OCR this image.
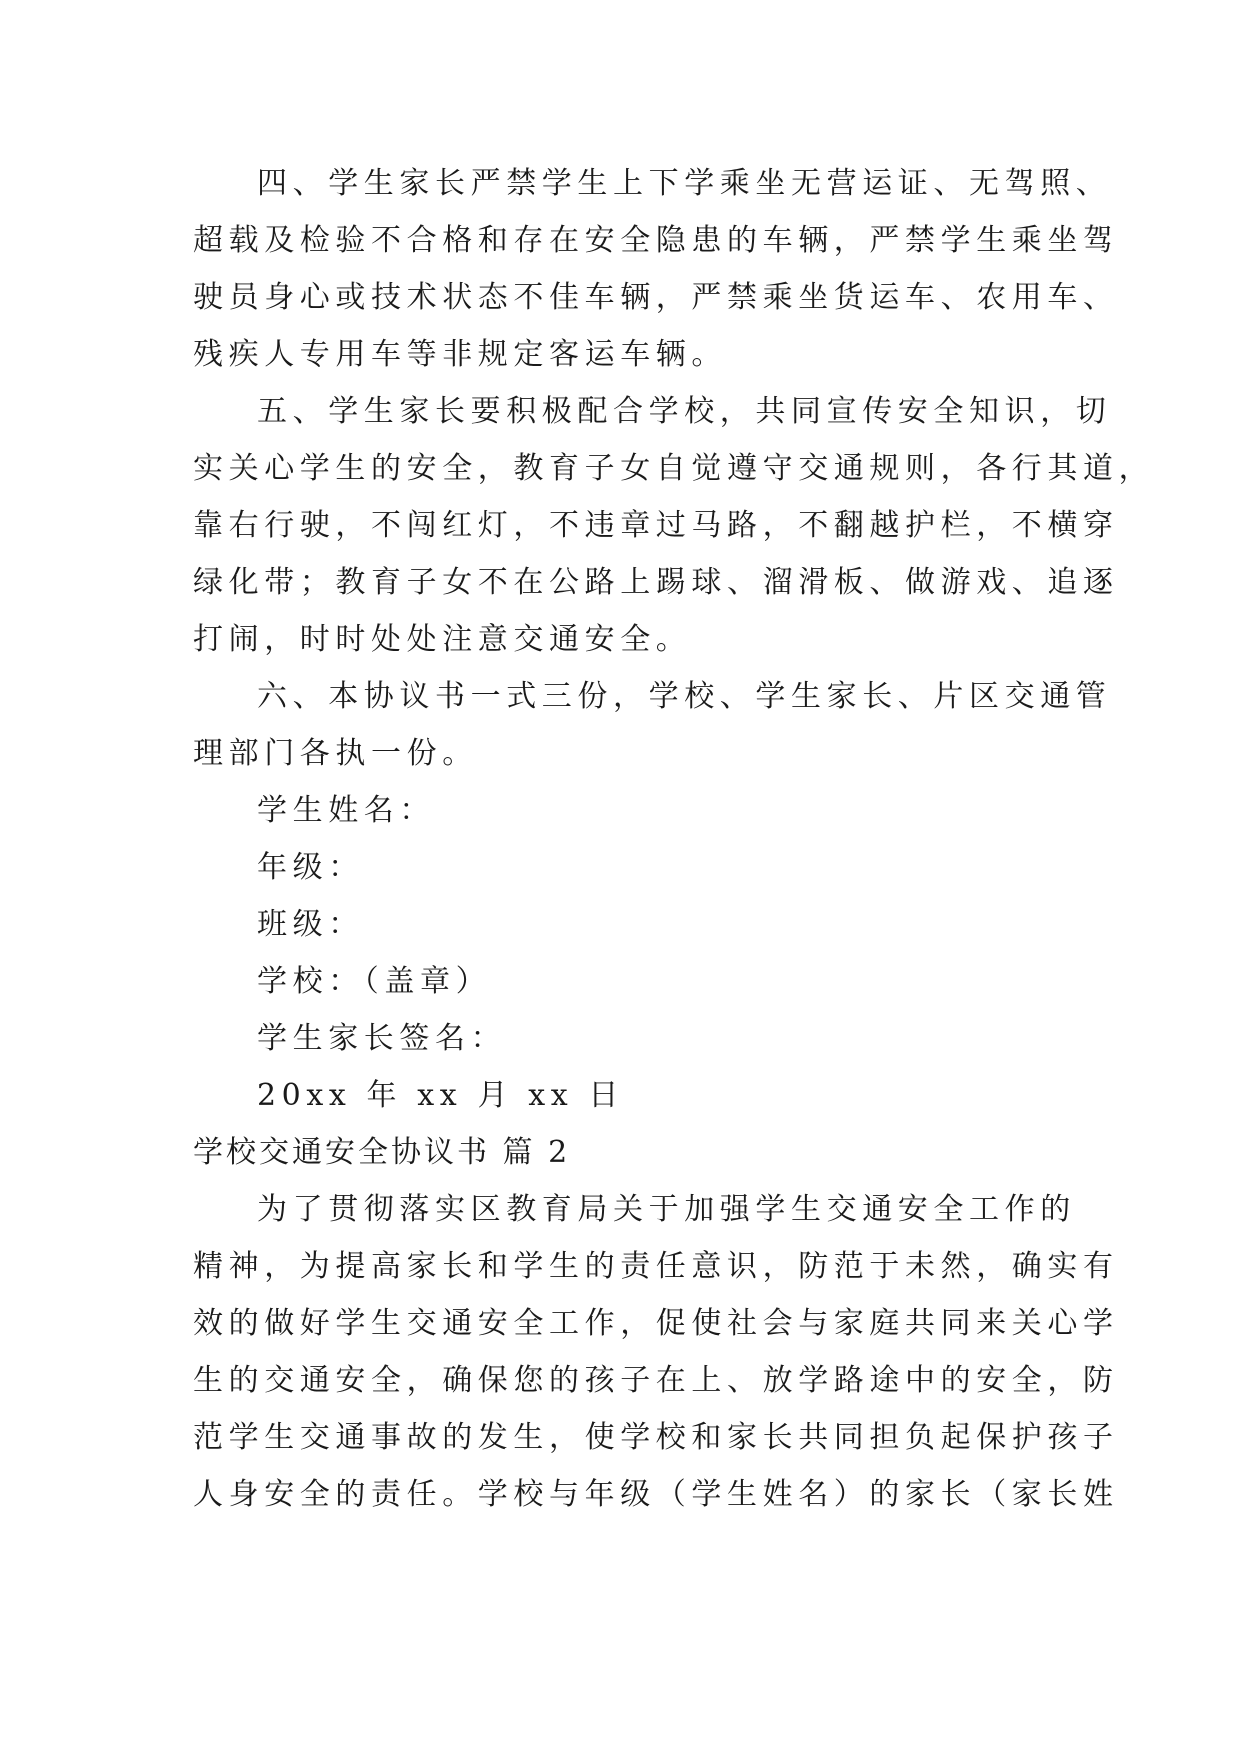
四、学生家长严禁学生上下学乘坐无营运证、无驾照、
超载及检验不合格和存在安全隐患的车辆，严禁学生乘坐驾
驶员身心或技术状态不佳车辆，严禁乘坐货运车、农用车、
残疾人专用车等非规定客运车辆。
五、学生家长要积极配合学校，共同宣传安全知识，切
实关心学生的安全，教育子女自觉遵守交通规则，各行其道，
靠右行驶，不闯红灯，不违章过马路，不翻越护栏，不横穿
绿化带；教育子女不在公路上踢球、溜滑板、做游戏、追逐
打闹，时时处处注意交通安全。
六、本协议书一式三份，学校、学生家长、片区交通管
理部门各执一份。
学生姓名：
年级：
班级：
学校：（盖章）
学生家长签名：
20xx 年 xx 月 xx 日
学校交通安全协议书 篇 2
为了贯彻落实区教育局关于加强学生交通安全工作的
精神，为提高家长和学生的责任意识，防范于未然，确实有
效的做好学生交通安全工作，促使社会与家庭共同来关心学
生的交通安全，确保您的孩子在上、放学路途中的安全，防
范学生交通事故的发生，使学校和家长共同担负起保护孩子
人身安全的责任。学校与年级（学生姓名）的家长（家长姓
